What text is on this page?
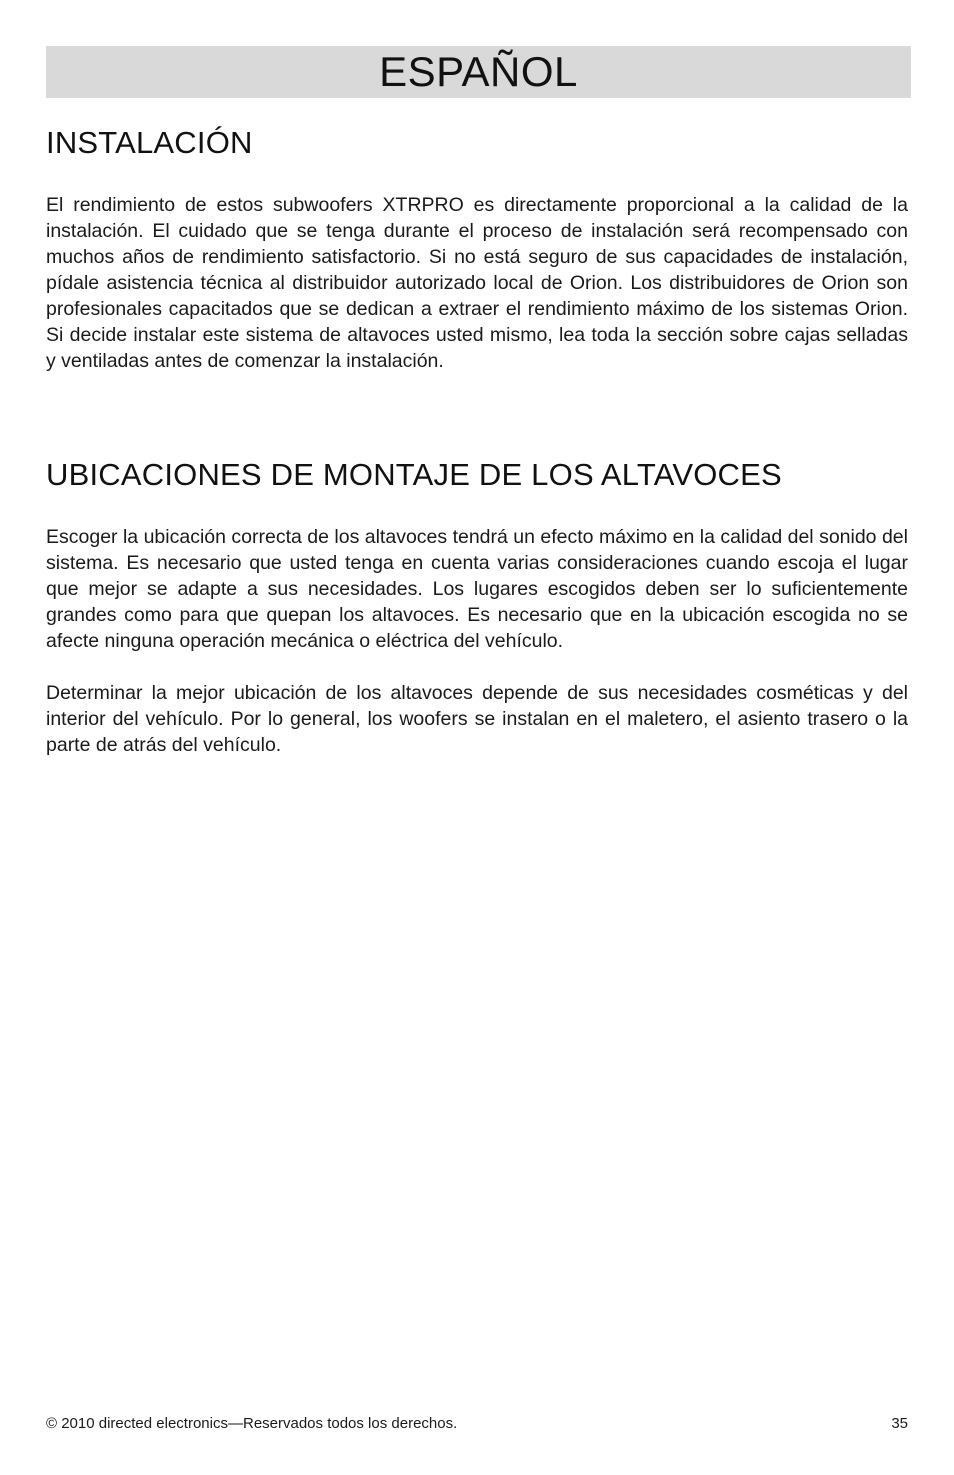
ESPAÑOL
INSTALACIÓN

El rendimiento de estos subwoofers XTRPRO es directamente proporcional a la calidad de la instalación. El cuidado que se tenga durante el proceso de instalación será recompensado con muchos años de rendimiento satisfactorio. Si no está seguro de sus capacidades de instalación, pídale asistencia técnica al distribuidor autorizado local de Orion. Los distribuidores de Orion son profesionales capacitados que se dedican a extraer el rendimiento máximo de los sistemas Orion. Si decide instalar este sistema de altavoces usted mismo, lea toda la sección sobre cajas selladas y ventiladas antes de comenzar la instalación.

UBICACIONES DE MONTAJE DE LOS ALTAVOCES

Escoger la ubicación correcta de los altavoces tendrá un efecto máximo en la calidad del sonido del sistema. Es necesario que usted tenga en cuenta varias consideraciones cuando escoja el lugar que mejor se adapte a sus necesidades. Los lugares escogidos deben ser lo suficientemente grandes como para que quepan los altavoces. Es necesario que en la ubicación escogida no se afecte ninguna operación mecánica o eléctrica del vehículo.

Determinar la mejor ubicación de los altavoces depende de sus necesidades cosméticas y del interior del vehículo. Por lo general, los woofers se instalan en el maletero, el asiento trasero o la parte de atrás del vehículo.

© 2010 directed electronics—Reservados todos los derechos.	35
